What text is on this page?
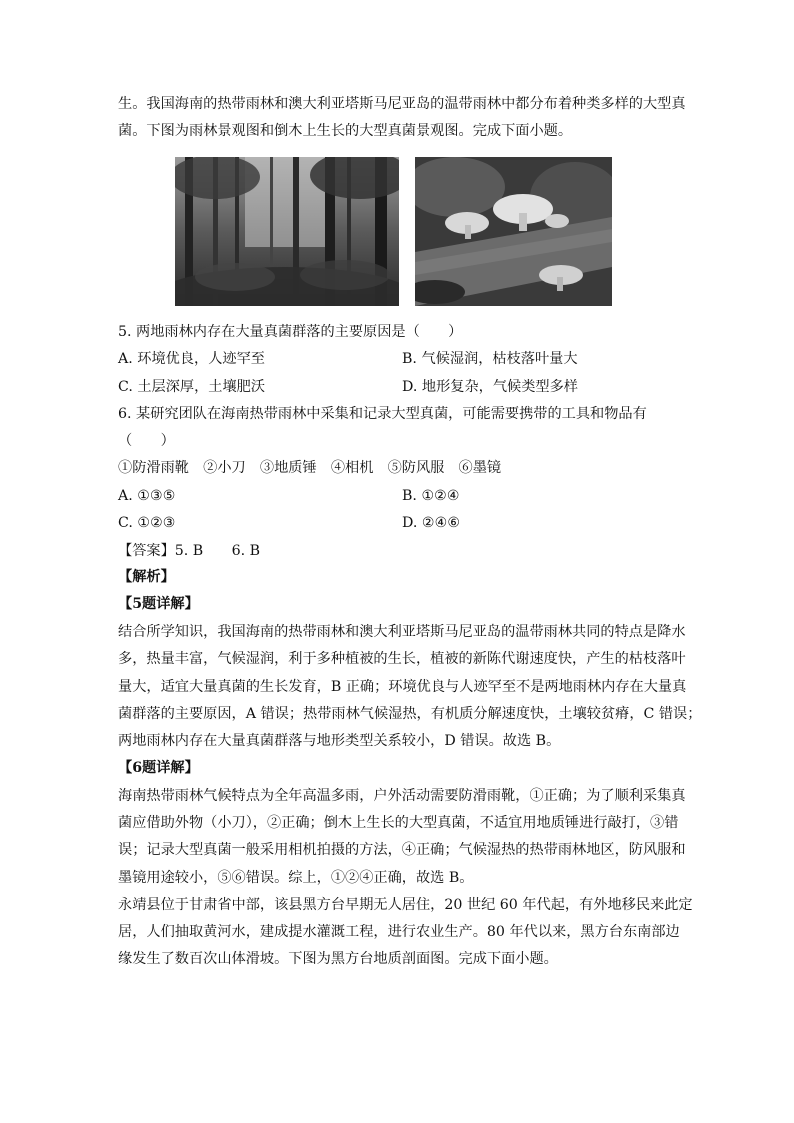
生。我国海南的热带雨林和澳大利亚塔斯马尼亚岛的温带雨林中都分布着种类多样的大型真
菌。下图为雨林景观图和倒木上生长的大型真菌景观图。完成下面小题。
5. 两地雨林内存在大量真菌群落的主要原因是（　　）
A. 环境优良，人迹罕至	B. 气候湿润，枯枝落叶量大
C. 土层深厚，土壤肥沃	D. 地形复杂，气候类型多样
6. 某研究团队在海南热带雨林中采集和记录大型真菌，可能需要携带的工具和物品有
（　　）
①防滑雨靴　②小刀　③地质锤　④相机　⑤防风服　⑥墨镜
A. ①③⑤	B. ①②④
C. ①②③	D. ②④⑥
【答案】5. B　　6. B
【解析】
【5题详解】
结合所学知识，我国海南的热带雨林和澳大利亚塔斯马尼亚岛的温带雨林共同的特点是降水
多，热量丰富，气候湿润，利于多种植被的生长，植被的新陈代谢速度快，产生的枯枝落叶
量大，适宜大量真菌的生长发育，B 正确；环境优良与人迹罕至不是两地雨林内存在大量真
菌群落的主要原因，A 错误；热带雨林气候湿热，有机质分解速度快，土壤较贫瘠，C 错误；
两地雨林内存在大量真菌群落与地形类型关系较小，D 错误。故选 B。
【6题详解】
海南热带雨林气候特点为全年高温多雨，户外活动需要防滑雨靴，①正确；为了顺利采集真
菌应借助外物（小刀），②正确；倒木上生长的大型真菌，不适宜用地质锤进行敲打，③错
误；记录大型真菌一般采用相机拍摄的方法，④正确；气候湿热的热带雨林地区，防风服和
墨镜用途较小，⑤⑥错误。综上，①②④正确，故选 B。
永靖县位于甘肃省中部，该县黑方台早期无人居住，20 世纪 60 年代起，有外地移民来此定
居，人们抽取黄河水，建成提水灌溉工程，进行农业生产。80 年代以来，黑方台东南部边
缘发生了数百次山体滑坡。下图为黑方台地质剖面图。完成下面小题。
